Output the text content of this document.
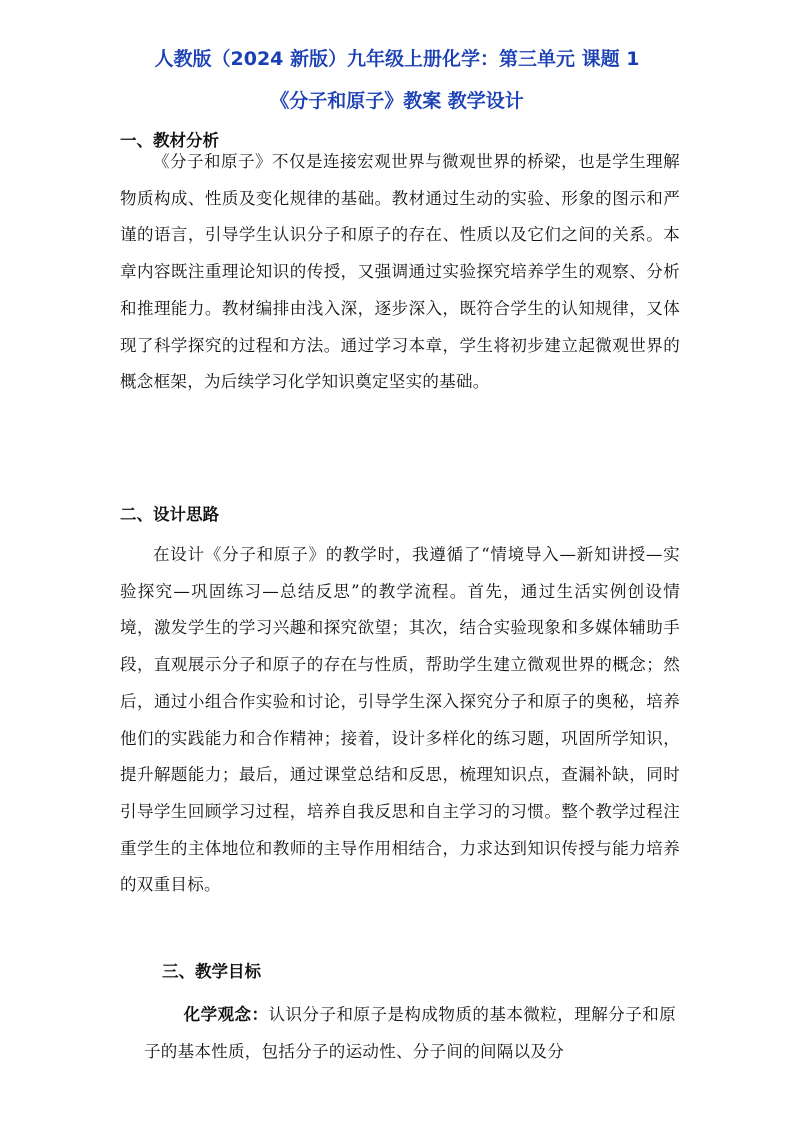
人教版（2024 新版）九年级上册化学：第三单元 课题 1
《分子和原子》教案 教学设计
一、教材分析
《分子和原子》不仅是连接宏观世界与微观世界的桥梁，也是学生理解物质构成、性质及变化规律的基础。教材通过生动的实验、形象的图示和严谨的语言，引导学生认识分子和原子的存在、性质以及它们之间的关系。本章内容既注重理论知识的传授，又强调通过实验探究培养学生的观察、分析和推理能力。教材编排由浅入深，逐步深入，既符合学生的认知规律，又体现了科学探究的过程和方法。通过学习本章，学生将初步建立起微观世界的概念框架，为后续学习化学知识奠定坚实的基础。
二、设计思路
在设计《分子和原子》的教学时，我遵循了“情境导入—新知讲授—实验探究—巩固练习—总结反思”的教学流程。首先，通过生活实例创设情境，激发学生的学习兴趣和探究欲望；其次，结合实验现象和多媒体辅助手段，直观展示分子和原子的存在与性质，帮助学生建立微观世界的概念；然后，通过小组合作实验和讨论，引导学生深入探究分子和原子的奥秘，培养他们的实践能力和合作精神；接着，设计多样化的练习题，巩固所学知识，提升解题能力；最后，通过课堂总结和反思，梳理知识点，查漏补缺，同时引导学生回顾学习过程，培养自我反思和自主学习的习惯。整个教学过程注重学生的主体地位和教师的主导作用相结合，力求达到知识传授与能力培养的双重目标。
三、教学目标
化学观念：认识分子和原子是构成物质的基本微粒，理解分子和原子的基本性质，包括分子的运动性、分子间的间隔以及分
